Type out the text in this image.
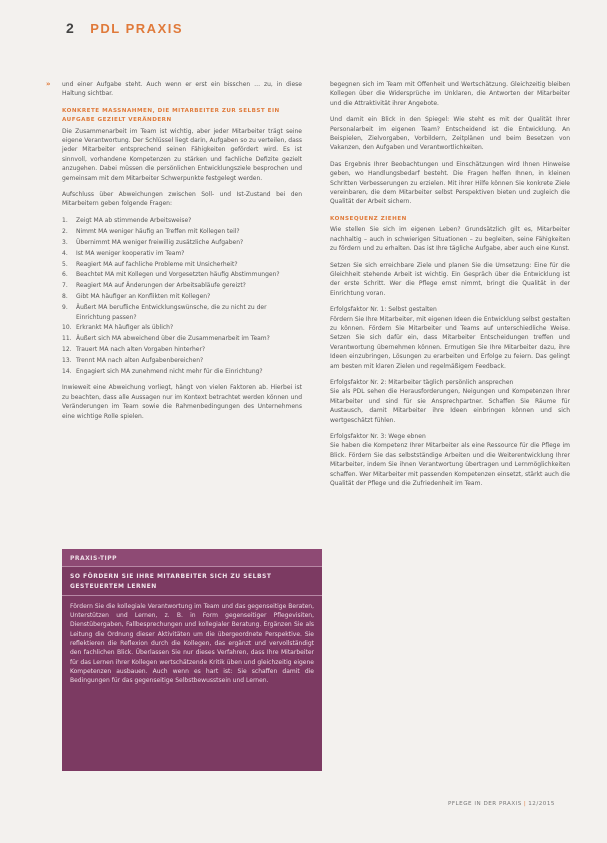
2 PDL PRAXIS
» und einer Aufgabe steht. Auch wenn er erst ein bisschen … zu, in diese Haltung sichtbar.

KONKRETE MASSNAHMEN, DIE MITARBEITER ZUR SELBST EIN AUFGABE GEZIELT VERÄNDERN

Die Zusammenarbeit im Team ist wichtig, aber jeder Mitarbeiter trägt seine eigene Verantwortung. Der Schlüssel liegt darin, Aufgaben so zu verteilen, dass jeder Mitarbeiter entsprechend seinen Fähigkeiten gefördert wird. Es ist sinnvoll, vorhandene Kompetenzen zu stärken und fachliche Defizite gezielt anzugehen. Dabei müssen die persönlichen Entwicklungsziele besprochen und gemeinsam mit dem Mitarbeiter Schwerpunkte festgelegt werden.

Aufschluss über Abweichungen zwischen Soll- und Ist-Zustand bei den Mitarbeitern geben folgende Fragen:

1.	Zeigt MA ab stimmende Arbeitsweise?
2.	Nimmt MA weniger häufig an Treffen mit Kollegen teil?
3.	Übernimmt MA weniger freiwillig zusätzliche Aufgaben?
4.	Ist MA weniger kooperativ im Team?
5.	Reagiert MA auf fachliche Probleme mit Unsicherheit?
6.	Beachtet MA mit Kollegen und Vorgesetzten häufig Abstimmungen?
7.	Reagiert MA auf Änderungen der Arbeitsabläufe gereizt?
8.	Gibt MA häufiger an Konflikten mit Kollegen?
9.	Äußert MA berufliche Entwicklungswünsche, die zu nicht zu der Einrichtung passen?
10. Erkrankt MA häufiger als üblich?
11. Äußert sich MA abweichend über die Zusammenarbeit im Team?
12. Trauert MA nach alten Vorgaben hinterher?
13. Trennt MA nach alten Aufgabenbereichen?
14. Engagiert sich MA zunehmend nicht mehr für die Einrichtung?

Inwieweit eine Abweichung vorliegt, hängt von vielen Faktoren ab. Hierbei ist zu beachten, dass alle Aussagen nur im Kontext betrachtet werden können und Veränderungen im Team sowie die Rahmenbedingungen des Unternehmens eine wichtige Rolle spielen.

PRAXIS-TIPP
SO FÖRDERN SIE IHRE MITARBEITER SICH ZU SELBST GESTEUERTEM LERNEN
Fördern Sie die kollegiale Verantwortung im Team und das gegenseitige Beraten, Unterstützen und Lernen, z. B. in Form gegenseitiger Pflegevisiten, Dienstübergaben, Fallbesprechungen und kollegialer Beratung. Ergänzen Sie als Leitung die Ordnung dieser Aktivitäten um die übergeordnete Perspektive. Sie reflektieren die Reflexion durch die Kollegen, das ergänzt und vervollständigt den fachlichen Blick. Überlassen Sie nur dieses Verfahren, dass Ihre Mitarbeiter für das Lernen ihrer Kollegen wertschätzende Kritik üben und gleichzeitig eigene Kompetenzen ausbauen. Auch wenn es hart ist: Sie schaffen damit die Bedingungen für das gegenseitige Selbstbewusstsein und Lernen.

begegnen sich im Team mit Offenheit und Wertschätzung. Gleichzeitig bleiben Kollegen über die Widersprüche im Unklaren, die Antworten der Mitarbeiter und die Attraktivität ihrer Angebote.

Und damit ein Blick in den Spiegel: Wie steht es mit der Qualität Ihrer Personalarbeit im eigenen Team? Entscheidend ist die Entwicklung. An Beispielen, Zielvorgaben, Vorbildern, Zeitplänen und beim Besetzen von Vakanzen, den Aufgaben und Verantwortlichkeiten.

Das Ergebnis Ihrer Beobachtungen und Einschätzungen wird Ihnen Hinweise geben, wo Handlungsbedarf besteht. Die Fragen helfen Ihnen, in kleinen Schritten Verbesserungen zu erzielen. Mit ihrer Hilfe können Sie konkrete Ziele vereinbaren, die dem Mitarbeiter selbst Perspektiven bieten und zugleich die Qualität der Arbeit sichern.

KONSEQUENZ ZIEHEN

Wie stellen Sie sich im eigenen Leben? Grundsätzlich gilt es, Mitarbeiter nachhaltig – auch in schwierigen Situationen – zu begleiten, seine Fähigkeiten zu fördern und zu erhalten. Das ist Ihre tägliche Aufgabe, aber auch eine Kunst.

Setzen Sie sich erreichbare Ziele und planen Sie die Umsetzung: Eine für die Gleichheit stehende Arbeit ist wichtig. Ein Gespräch über die Entwicklung ist der erste Schritt. Wer die Pflege ernst nimmt, bringt die Qualität in der Einrichtung voran.

Erfolgsfaktor Nr. 1: Selbst gestalten

Fördern Sie Ihre Mitarbeiter, mit eigenen Ideen die Entwicklung selbst gestalten zu können. Fördern Sie Mitarbeiter und Teams auf unterschiedliche Weise. Setzen Sie sich dafür ein, dass Mitarbeiter Entscheidungen treffen und Verantwortung übernehmen können. Ermutigen Sie Ihre Mitarbeiter dazu, ihre Ideen einzubringen, Lösungen zu erarbeiten und Erfolge zu feiern. Das gelingt am besten mit klaren Zielen und regelmäßigem Feedback.

Erfolgsfaktor Nr. 2: Mitarbeiter täglich persönlich ansprechen

Sie als PDL sehen die Herausforderungen, Neigungen und Kompetenzen Ihrer Mitarbeiter und sind für sie Ansprechpartner. Schaffen Sie Räume für Austausch, damit Mitarbeiter ihre Ideen einbringen können und sich wertgeschätzt fühlen.

Erfolgsfaktor Nr. 3: Wege ebnen

Sie haben die Kompetenz Ihrer Mitarbeiter als eine Ressource für die Pflege im Blick. Fördern Sie das selbstständige Arbeiten und die Weiterentwicklung Ihrer Mitarbeiter, indem Sie ihnen Verantwortung übertragen und Lernmöglichkeiten schaffen. Wer Mitarbeiter mit passenden Kompetenzen einsetzt, stärkt auch die Qualität der Pflege und die Zufriedenheit im Team.

PFLEGE IN DER PRAXIS | 12/2015
